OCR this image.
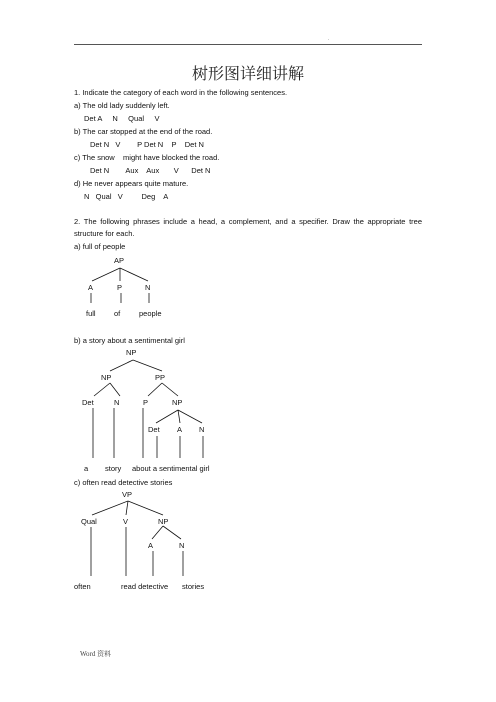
.
树形图详细讲解
1. Indicate the category of each word in the following sentences.
a) The old lady suddenly left.
Det A     N     Qual     V
b) The car stopped at the end of the road.
Det N   V        P Det N    P    Det N
c) The snow    might have blocked the road.
Det N        Aux    Aux       V      Det N
d) He never appears quite mature.
N   Qual   V         Deg    A
2. The following phrases include a head, a complement, and a specifier. Draw the appropriate tree structure for each.
a) full of people
b) a story about a sentimental girl
c) often read detective stories
AP
A	P	N
full of people
NP
NP	PP
Det	N	P	NP
Det A N
a story about a sentimental girl
VP
Qual	V	NP
A	N
often	read detective stories
Word 资料
